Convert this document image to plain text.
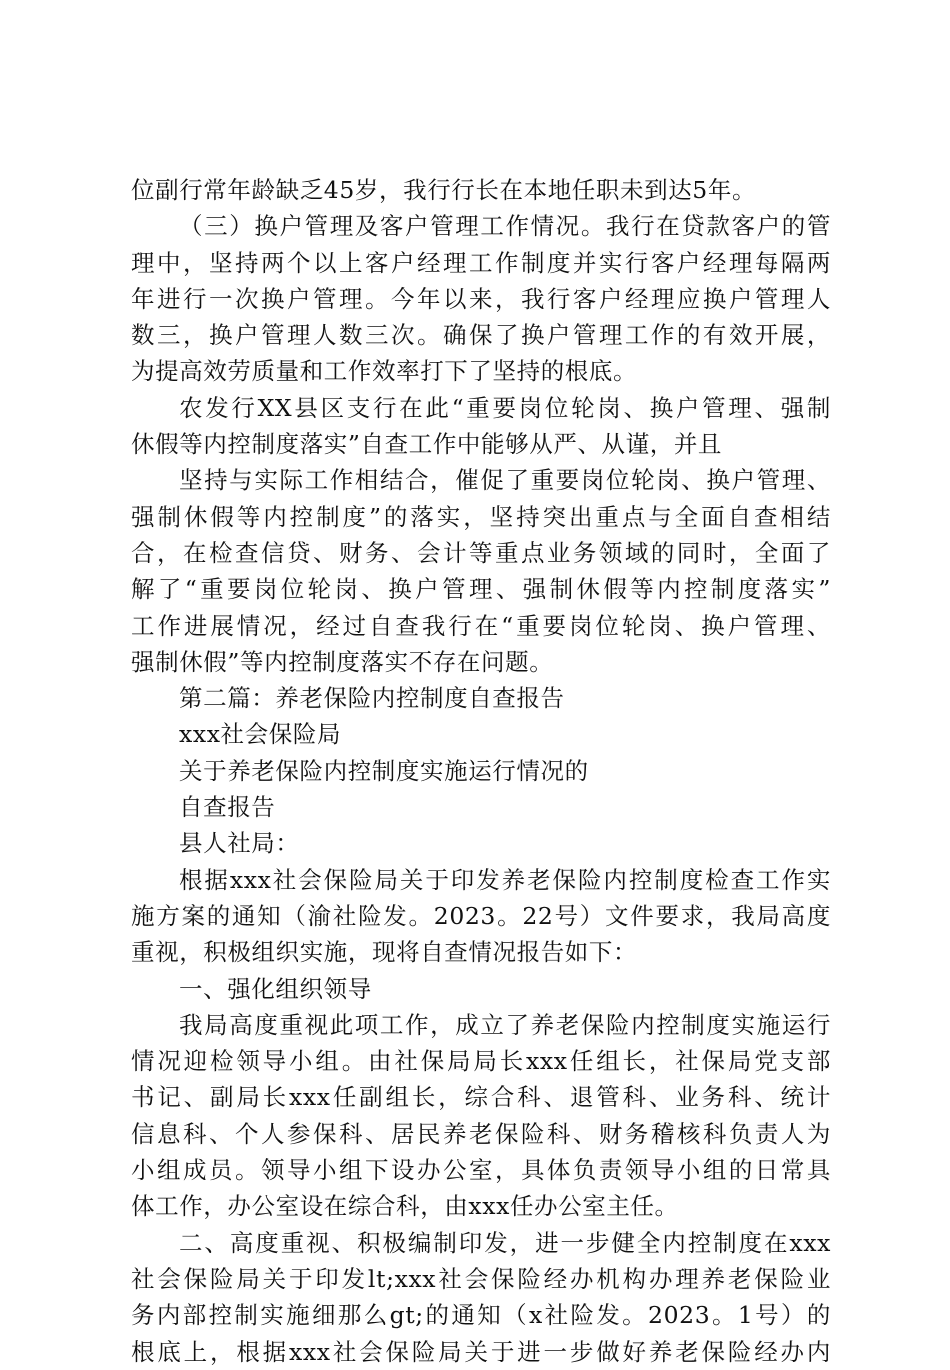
位副行常年龄缺乏45岁，我行行长在本地任职未到达5年。
（三）换户管理及客户管理工作情况。我行在贷款客户的管
理中，坚持两个以上客户经理工作制度并实行客户经理每隔两
年进行一次换户管理。今年以来，我行客户经理应换户管理人
数三，换户管理人数三次。确保了换户管理工作的有效开展，
为提高效劳质量和工作效率打下了坚持的根底。
农发行XX县区支行在此“重要岗位轮岗、换户管理、强制
休假等内控制度落实”自查工作中能够从严、从谨，并且
坚持与实际工作相结合，催促了重要岗位轮岗、换户管理、
强制休假等内控制度”的落实，坚持突出重点与全面自查相结
合，在检查信贷、财务、会计等重点业务领域的同时，全面了
解了“重要岗位轮岗、换户管理、强制休假等内控制度落实”
工作进展情况，经过自查我行在“重要岗位轮岗、换户管理、
强制休假”等内控制度落实不存在问题。
第二篇：养老保险内控制度自查报告
xxx社会保险局
关于养老保险内控制度实施运行情况的
自查报告
县人社局：
根据xxx社会保险局关于印发养老保险内控制度检查工作实
施方案的通知（渝社险发。2023。22号）文件要求，我局高度
重视，积极组织实施，现将自查情况报告如下：
一、强化组织领导
我局高度重视此项工作，成立了养老保险内控制度实施运行
情况迎检领导小组。由社保局局长xxx任组长，社保局党支部
书记、副局长xxx任副组长，综合科、退管科、业务科、统计
信息科、个人参保科、居民养老保险科、财务稽核科负责人为
小组成员。领导小组下设办公室，具体负责领导小组的日常具
体工作，办公室设在综合科，由xxx任办公室主任。
二、高度重视、积极编制印发，进一步健全内控制度在xxx
社会保险局关于印发lt;xxx社会保险经办机构办理养老保险业
务内部控制实施细那么gt;的通知（x社险发。2023。1号）的
根底上，根据xxx社会保险局关于进一步做好养老保险经办内
